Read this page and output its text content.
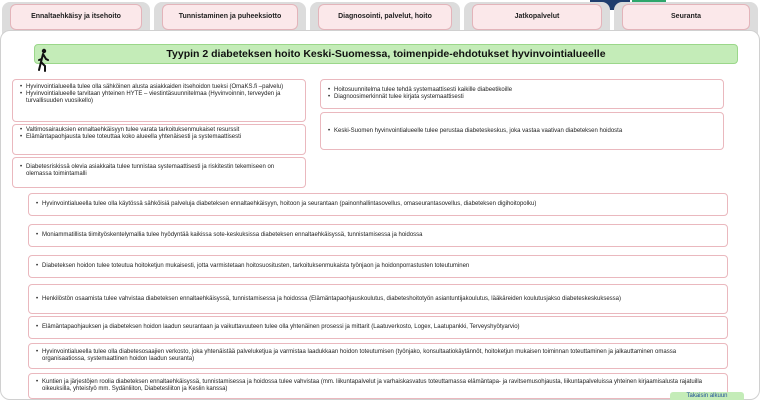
Ennaltaehkäisy ja itsehoito	Tunnistaminen ja puheeksiotto	Diagnosointi, palvelut, hoito	Jatkopalvelut	Seuranta
Tyypin 2 diabeteksen hoito Keski-Suomessa, toimenpide-ehdotukset hyvinvointialueelle
• Hyvinvointialueella tulee olla sähköinen alusta asiakkaiden itsehoidon tueksi (OmaKS.fi –palvelu)
• Hyvinvointialueelle tarvitaan yhteinen HYTE – viestintäsuunnitelmaa (Hyvinvoinnin, terveyden ja turvallisuuden vuosikello)
• Valtimosairauksien ennaltaehkäisyyn tulee varata tarkoituksenmukaiset resurssit
• Elämäntapaohjausta tulee toteuttaa koko alueella yhtenäisesti ja systemaattisesti
• Diabetesriskissä olevia asiakkaita tulee tunnistaa systemaattisesti ja riskitestin tekemiseen on olemassa toimintamalli
• Hoitosuunnitelma tulee tehdä systemaattisesti kaikille diabeetikoille
• Diagnoosimerkinnät tulee kirjata systemaattisesti
• Keski-Suomen hyvinvointialueelle tulee perustaa diabeteskeskus, joka vastaa vaativan diabeteksen hoidosta
• Hyvinvointialueella tulee olla käytössä sähköisiä palveluja diabeteksen ennaltaehkäisyyn, hoitoon ja seurantaan (painonhallintasovellus, omaseurantasovellus, diabeteksen digihoitopolku)
• Moniammatillista tiimityöskentelymallia tulee hyödyntää kaikissa sote-keskuksissa diabeteksen ennaltaehkäisyssä, tunnistamisessa ja hoidossa
• Diabeteksen hoidon tulee toteutua hoitoketjun mukaisesti, jotta varmistetaan hoitosuositusten, tarkoituksenmukaista työnjaon ja hoidonporrastusten toteutuminen
• Henkilöstön osaamista tulee vahvistaa diabeteksen ennaltaehkäisyssä, tunnistamisessa ja hoidossa (Elämäntapaohjauskoulutus, diabeteshoitotyön asiantuntijakoulutus, lääkäreiden koulutusjakso diabeteskeskuksessa)
• Elämäntapaohjauksen ja diabeteksen hoidon laadun seurantaan ja vaikuttavuuteen tulee olla yhtenäinen prosessi ja mittarit (Laatuverkosto, Logex, Laatupankki, Terveyshyötyarvio)
• Hyvinvointialueella tulee olla diabetesosaajien verkosto, joka yhtenäistää palveluketjua ja varmistaa laadukkaan hoidon toteutumisen (työnjako, konsultaatiokäytännöt, hoitoketjun mukaisen toiminnan toteuttaminen ja jalkauttaminen omassa organisaatiossa, systemaattinen hoidon laadun seuranta)
• Kuntien ja järjestöjen roolia diabeteksen ennaltaehkäisyssä, tunnistamisessa ja hoidossa tulee vahvistaa (mm. liikuntapalvelut ja varhaiskasvatus toteuttamassa elämäntapa- ja ravitsemusohjausta, liikuntapalveluissa yhteinen kirjaamisalusta rajatuilla oikeuksilla, yhteistyö mm. Sydänliiton, Diabetesliiton ja Keslin kanssa)
Takaisin alkuun
